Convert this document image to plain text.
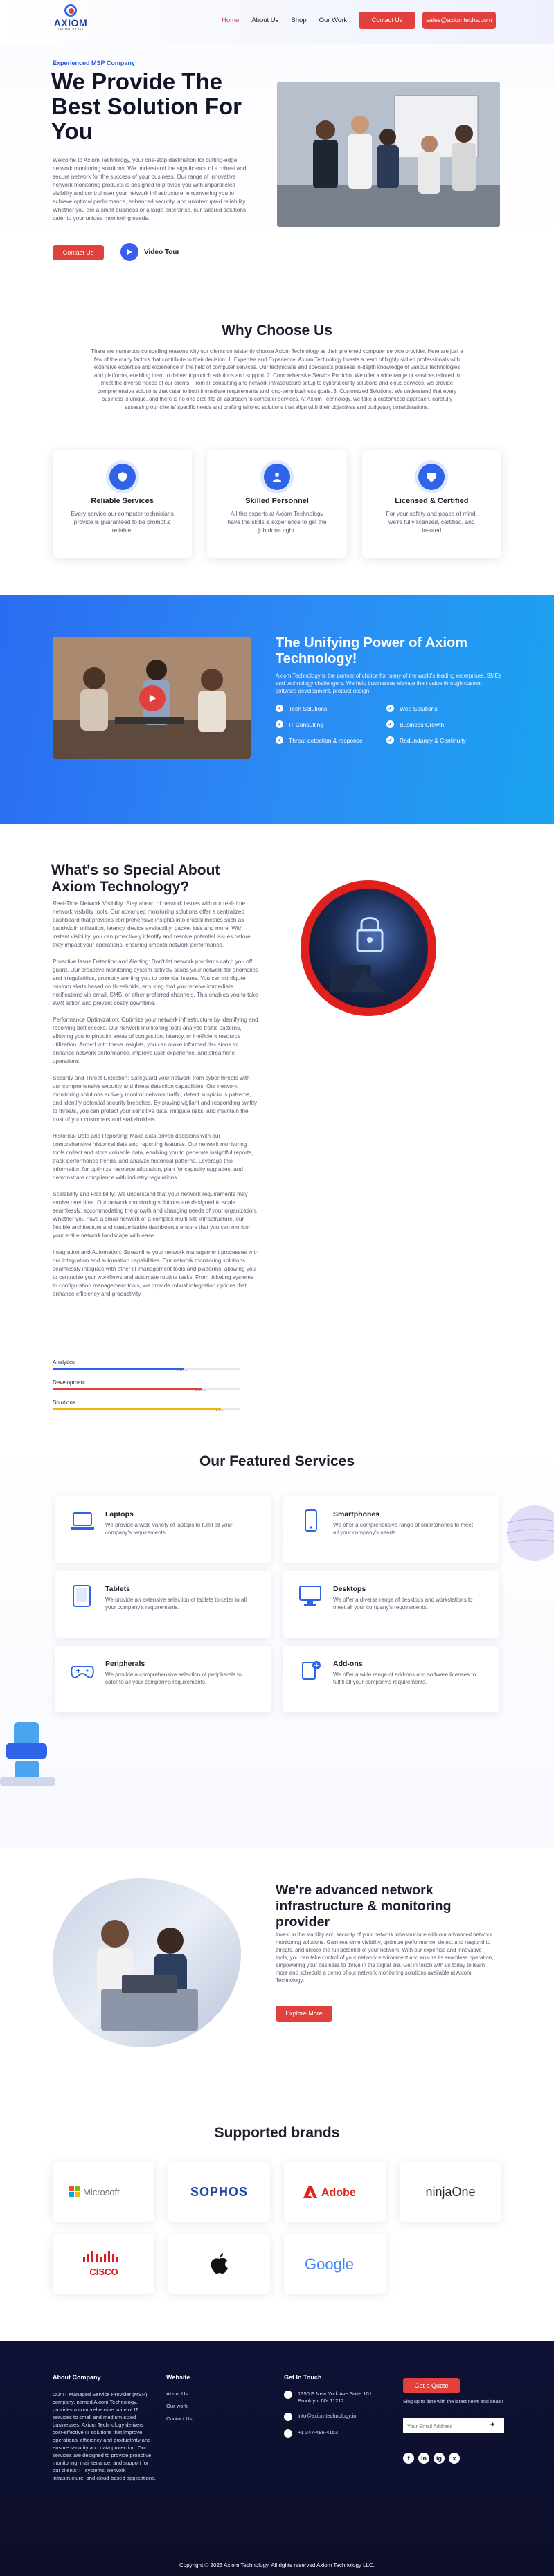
AXIOM
TECHNOLOGY
Home About Us Shop Our Work	Contact Us	sales@axiomtechs.com
Experienced MSP Company
We Provide The Best Solution For You
Welcome to Axiom Technology, your one-stop destination for cutting-edge network monitoring solutions. We understand the significance of a robust and secure network for the success of your business. Our range of innovative network monitoring products is designed to provide you with unparalleled visibility and control over your network infrastructure, empowering you to achieve optimal performance, enhanced security, and uninterrupted reliability. Whether you are a small business or a large enterprise, our tailored solutions cater to your unique monitoring needs.
Contact Us	Video Tour
Why Choose Us
There are numerous compelling reasons why our clients consistently choose Axiom Technology as their preferred computer service provider. Here are just a few of the many factors that contribute to their decision: 1. Expertise and Experience: Axiom Technology boasts a team of highly skilled professionals with extensive expertise and experience in the field of computer services. Our technicians and specialists possess in-depth knowledge of various technologies and platforms, enabling them to deliver top-notch solutions and support. 2. Comprehensive Service Portfolio: We offer a wide range of services tailored to meet the diverse needs of our clients. From IT consulting and network infrastructure setup to cybersecurity solutions and cloud services, we provide comprehensive solutions that cater to both immediate requirements and long-term business goals. 3. Customized Solutions: We understand that every business is unique, and there is no one-size-fits-all approach to computer services. At Axiom Technology, we take a customized approach, carefully assessing our clients' specific needs and crafting tailored solutions that align with their objectives and budgetary considerations.
Reliable Services

Every service our computer technicians provide is guaranteed to be prompt & reliable.

Skilled Personnel

All the experts at Axiom Technology have the skills & experience to get the job done right.

Licensed & Certified

For your safety and peace of mind, we're fully licensed, certified, and insured

The Unifying Power of Axiom Technology!
Axiom Technology is the partner of choice for many of the world's leading enterprises, SMEs and technology challengers. We help businesses elevate their value through custom software development, product design
✓ Tech Solutions	✓ Web Solutions
✓ IT Consulting	✓ Business Growth
✓ Threat detection & response	✓ Redundancy & Continuity
What's so Special About Axiom Technology?

Real-Time Network Visibility: Stay ahead of network issues with our real-time network visibility tools. Our advanced monitoring solutions offer a centralized dashboard that provides comprehensive insights into crucial metrics such as bandwidth utilization, latency, device availability, packet loss and more. With instant visibility, you can proactively identify and resolve potential issues before they impact your operations, ensuring smooth network performance.

Proactive Issue Detection and Alerting: Don't let network problems catch you off guard. Our proactive monitoring system actively scans your network for anomalies and irregularities, promptly alerting you to potential issues. You can configure custom alerts based on thresholds, ensuring that you receive immediate notifications via email, SMS, or other preferred channels. This enables you to take swift action and prevent costly downtime.

Performance Optimization: Optimize your network infrastructure by identifying and resolving bottlenecks. Our network monitoring tools analyze traffic patterns, allowing you to pinpoint areas of congestion, latency, or inefficient resource utilization. Armed with these insights, you can make informed decisions to enhance network performance, improve user experience, and streamline operations.

Security and Threat Detection: Safeguard your network from cyber threats with our comprehensive security and threat detection capabilities. Our network monitoring solutions actively monitor network traffic, detect suspicious patterns, and identify potential security breaches. By staying vigilant and responding swiftly to threats, you can protect your sensitive data, mitigate risks, and maintain the trust of your customers and stakeholders.

Historical Data and Reporting: Make data-driven decisions with our comprehensive historical data and reporting features. Our network monitoring tools collect and store valuable data, enabling you to generate insightful reports, track performance trends, and analyze historical patterns. Leverage this information for optimize resource allocation, plan for capacity upgrades, and demonstrate compliance with industry regulations.

Scalability and Flexibility: We understand that your network requirements may evolve over time. Our network monitoring solutions are designed to scale seamlessly, accommodating the growth and changing needs of your organization. Whether you have a small network or a complex multi-site infrastructure, our flexible architecture and customizable dashboards ensure that you can monitor your entire network landscape with ease.

Integration and Automation: Streamline your network management processes with our integration and automation capabilities. Our network monitoring solutions seamlessly integrate with other IT management tools and platforms, allowing you to centralize your workflows and automate routine tasks. From ticketing systems to configuration management tools, we provide robust integration options that enhance efficiency and productivity.

Analytics
Development
Solutions
Our Featured Services
Laptops

We provide a wide variety of laptops to fulfill all your company's requirements.

Smartphones

We offer a comprehensive range of smartphones to meet all your company's needs.

Tablets

We provide an extensive selection of tablets to cater to all your company's requirements.

Desktops

We offer a diverse range of desktops and workstations to meet all your company's requirements.

Peripherals

We provide a comprehensive selection of peripherals to cater to all your company's requirements.

Add-ons

We offer a wide range of add-ons and software licenses to fulfill all your company's requirements.

We're advanced network infrastructure & monitoring provider
Invest in the stability and security of your network infrastructure with our advanced network monitoring solutions. Gain real-time visibility, optimize performance, detect and respond to threats, and unlock the full potential of your network. With our expertise and innovative tools, you can take control of your network environment and ensure its seamless operation, empowering your business to thrive in the digital era. Get in touch with us today to learn more and schedule a demo of our network monitoring solutions available at Axiom Technology.
Explore More
Supported brands
Microsoft	SOPHOS	Adobe	ninjaOne
CISCO	Google
About Company

Our IT Managed Service Provider (MSP) company, named Axiom Technology, provides a comprehensive suite of IT services to small and medium-sized businesses. Axiom Technology delivers cost-effective IT solutions that improve operational efficiency and productivity and ensure security and data protection. Our services are designed to provide proactive monitoring, maintenance, and support for our clients' IT systems, network infrastructure, and cloud-based applications.

Website
About Us
Our work
Contact Us
Get In Touch
1350 E New York Ave Suite 101 Brooklyn, NY 11212
info@axiomtechnology.io
+1 347-486-4153
Get a Quote
Sing up to date with the latest news and deals!
Your Email Address
➜
f	in	ig	x
Copyright © 2023 Axiom Technology. All rights reserved Axiom Technology LLC.
